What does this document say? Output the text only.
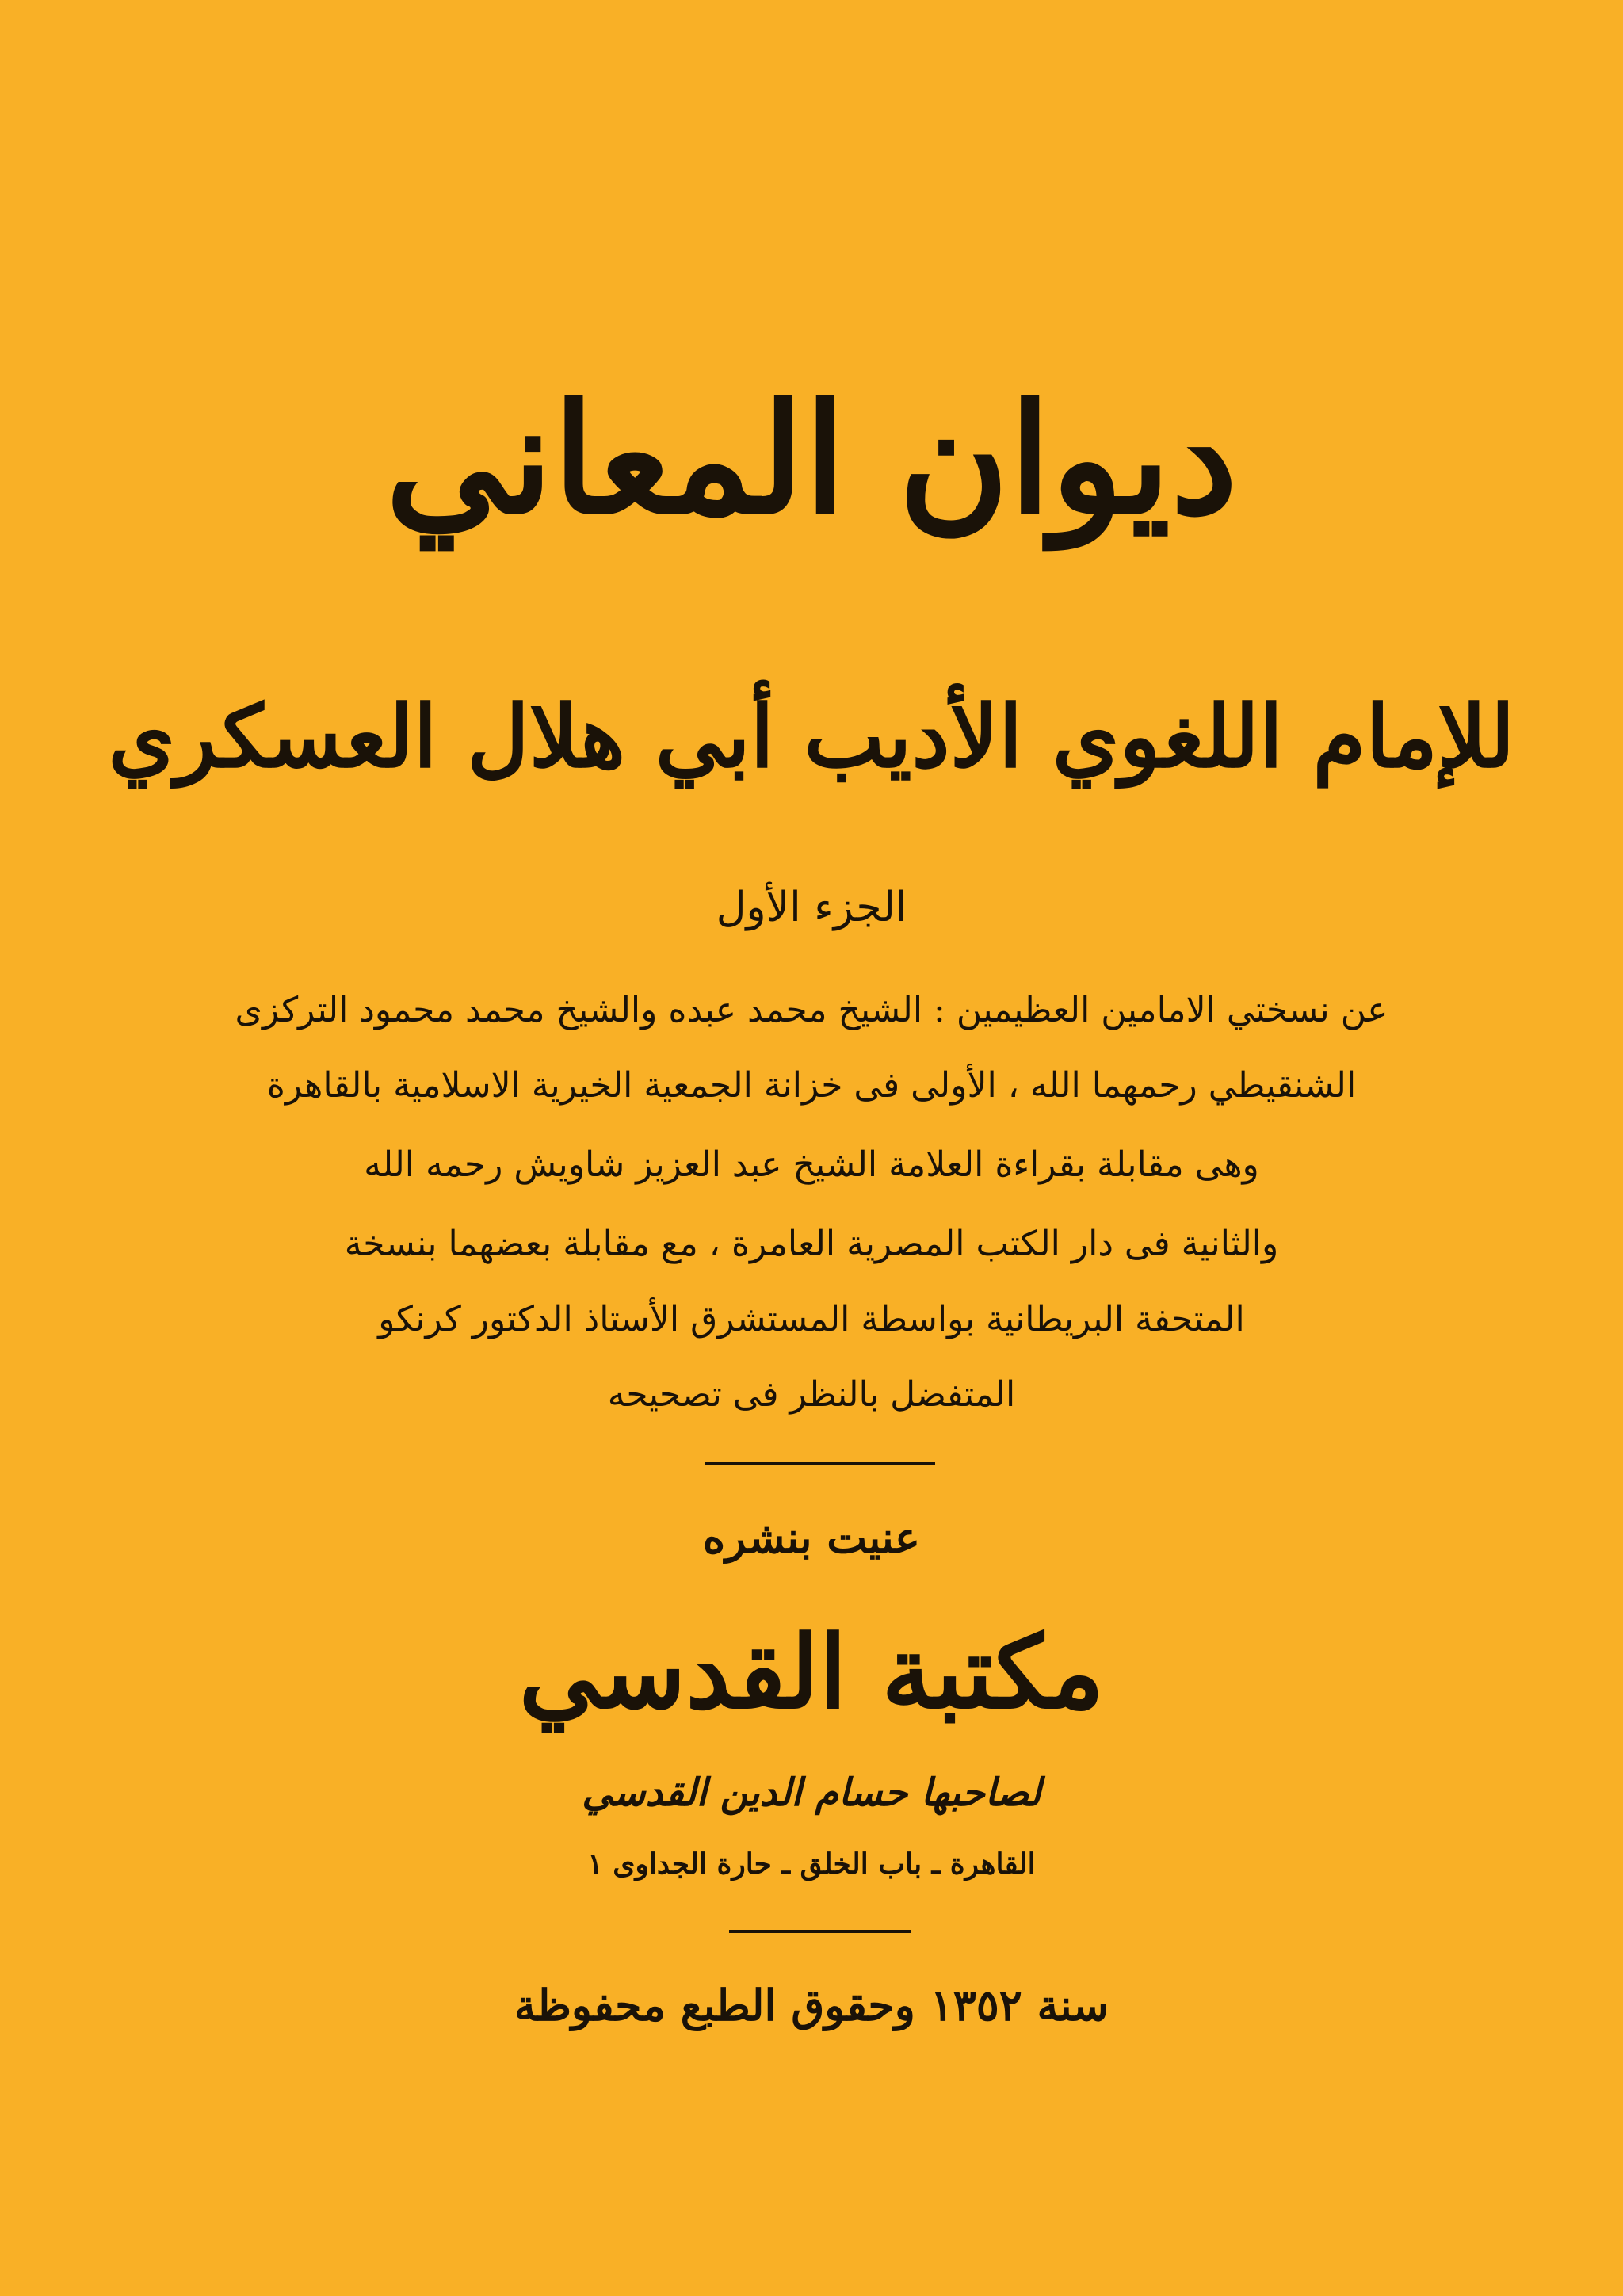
ديوان المعاني
للإمام اللغوي الأديب أبي هلال العسكري
الجزء الأول
عن نسختي الامامين العظيمين : الشيخ محمد عبده والشيخ محمد محمود التركزى
الشنقيطي رحمهما الله ، الأولى فى خزانة الجمعية الخيرية الاسلامية بالقاهرة
وهى مقابلة بقراءة العلامة الشيخ عبد العزيز شاويش رحمه الله
والثانية فى دار الكتب المصرية العامرة ، مع مقابلة بعضهما بنسخة
المتحفة البريطانية بواسطة المستشرق الأستاذ الدكتور كرنكو
المتفضل بالنظر فى تصحيحه
عنيت بنشره
مكتبة القدسي
لصاحبها حسام الدين القدسي
القاهرة ـ باب الخلق ـ حارة الجداوى ١
سنة ١٣٥٢ وحقوق الطبع محفوظة
